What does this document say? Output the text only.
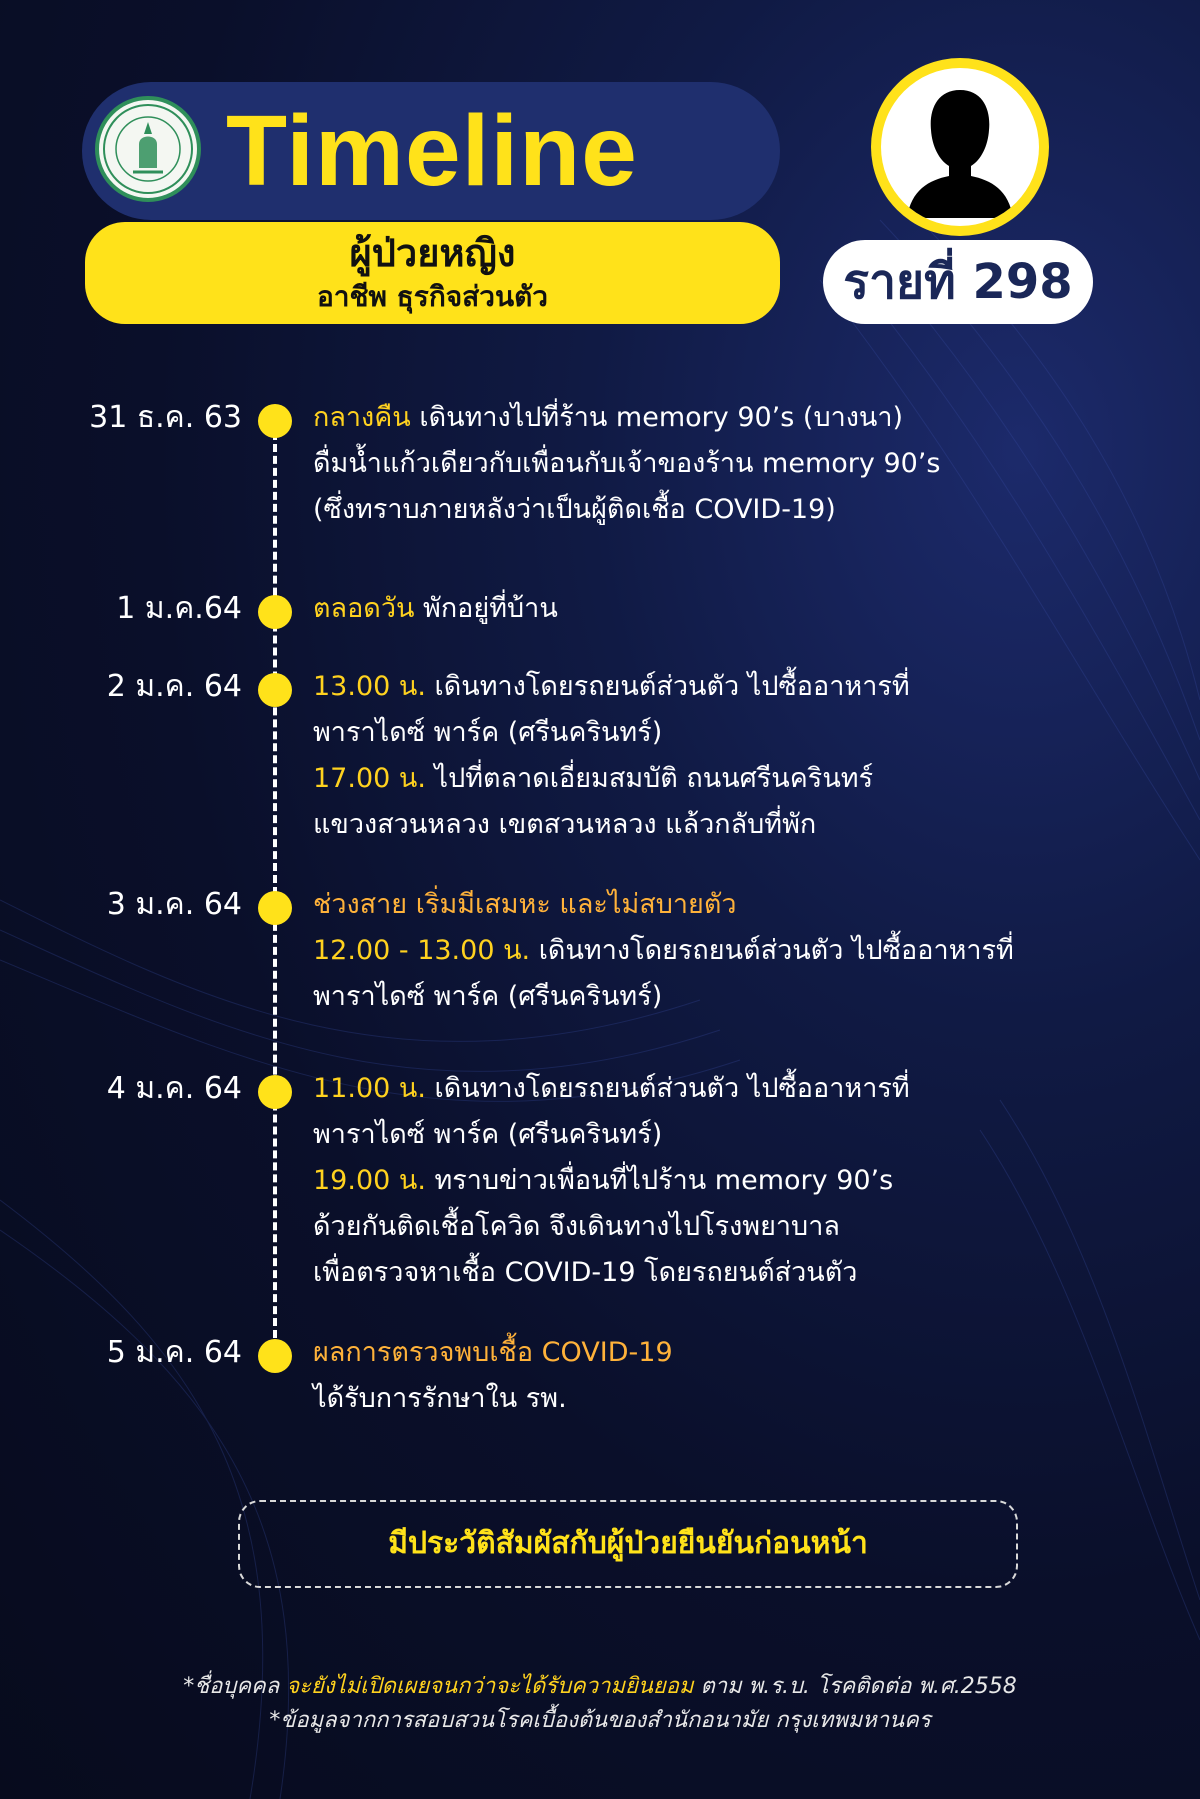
Timeline
ผู้ป่วยหญิง
อาชีพ ธุรกิจส่วนตัว	รายที่ 298
31 ธ.ค. 63	กลางคืน เดินทางไปที่ร้าน memory 90’s (บางนา)
ดื่มน้ำแก้วเดียวกับเพื่อนกับเจ้าของร้าน memory 90’s
(ซึ่งทราบภายหลังว่าเป็นผู้ติดเชื้อ COVID-19)
1 ม.ค.64	ตลอดวัน พักอยู่ที่บ้าน
2 ม.ค. 64	13.00 น. เดินทางโดยรถยนต์ส่วนตัว ไปซื้ออาหารที่
พาราไดซ์ พาร์ค (ศรีนครินทร์)
17.00 น. ไปที่ตลาดเอี่ยมสมบัติ ถนนศรีนครินทร์
แขวงสวนหลวง เขตสวนหลวง แล้วกลับที่พัก
3 ม.ค. 64	ช่วงสาย เริ่มมีเสมหะ และไม่สบายตัว
12.00 - 13.00 น. เดินทางโดยรถยนต์ส่วนตัว ไปซื้ออาหารที่
พาราไดซ์ พาร์ค (ศรีนครินทร์)
4 ม.ค. 64	11.00 น. เดินทางโดยรถยนต์ส่วนตัว ไปซื้ออาหารที่
พาราไดซ์ พาร์ค (ศรีนครินทร์)
19.00 น. ทราบข่าวเพื่อนที่ไปร้าน memory 90’s
ด้วยกันติดเชื้อโควิด จึงเดินทางไปโรงพยาบาล
เพื่อตรวจหาเชื้อ COVID-19 โดยรถยนต์ส่วนตัว
5 ม.ค. 64	ผลการตรวจพบเชื้อ COVID-19
ได้รับการรักษาใน รพ.
มีประวัติสัมผัสกับผู้ป่วยยืนยันก่อนหน้า
*ชื่อบุคคล จะยังไม่เปิดเผยจนกว่าจะได้รับความยินยอม ตาม พ.ร.บ. โรคติดต่อ พ.ศ.2558
*ข้อมูลจากการสอบสวนโรคเบื้องต้นของสำนักอนามัย กรุงเทพมหานคร
